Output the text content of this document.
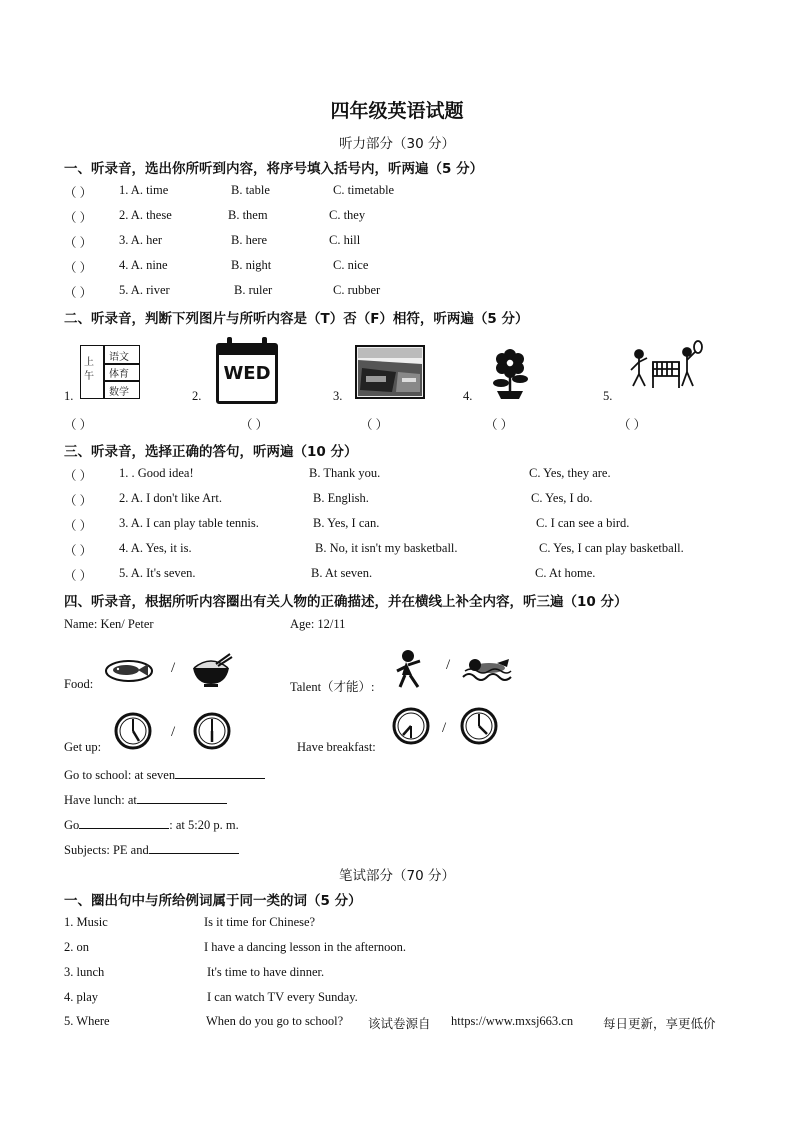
四年级英语试题
听力部分（30 分）
一、听录音，选出你所听到内容，将序号填入括号内，听两遍（5 分）
（ ） 1. A. time	B. table	C. timetable
（ ） 2. A. these	B. them	C. they
（ ） 3. A. her	B. here	C. hill
（ ） 4. A. nine	B. night	C. nice
（ ） 5. A. river	B. ruler	C. rubber
二、听录音，判断下列图片与所听内容是（T）否（F）相符，听两遍（5 分）
上午
语文
体育
数学
WED
1.	2.	3.	4.	5.
（ ）	（ ）	（ ）	（ ）	（ ）
三、听录音，选择正确的答句，听两遍（10 分）
（ ） 1. . Good idea!	B. Thank you.	C. Yes, they are.
（ ） 2. A. I don't like Art.	B. English.	C. Yes, I do.
（ ） 3. A. I can play table tennis.	B. Yes, I can.	C. I can see a bird.
（ ） 4. A. Yes, it is.	B. No, it isn't my basketball.	C. Yes, I can play basketball.
（ ） 5. A. It's seven.	B. At seven.	C. At home.
四、听录音，根据所听内容圈出有关人物的正确描述，并在横线上补全内容，听三遍（10 分）
Name: Ken/ Peter	Age: 12/11
Food:
/
Talent（才能）:
/
Get up:
/
Have breakfast:
/
Go to school: at seven
Have lunch: at
Go	: at 5:20 p. m.
Subjects: PE and
笔试部分（70 分）
一、圈出句中与所给例词属于同一类的词（5 分）
1. Music	Is it time for Chinese?
2. on	I have a dancing lesson in the afternoon.
3. lunch	It's time to have dinner.
4. play	I can watch TV every Sunday.
5. Where	When do you go to school? 该试卷源自 https://www.mxsj663.cn 每日更新，享更低价
